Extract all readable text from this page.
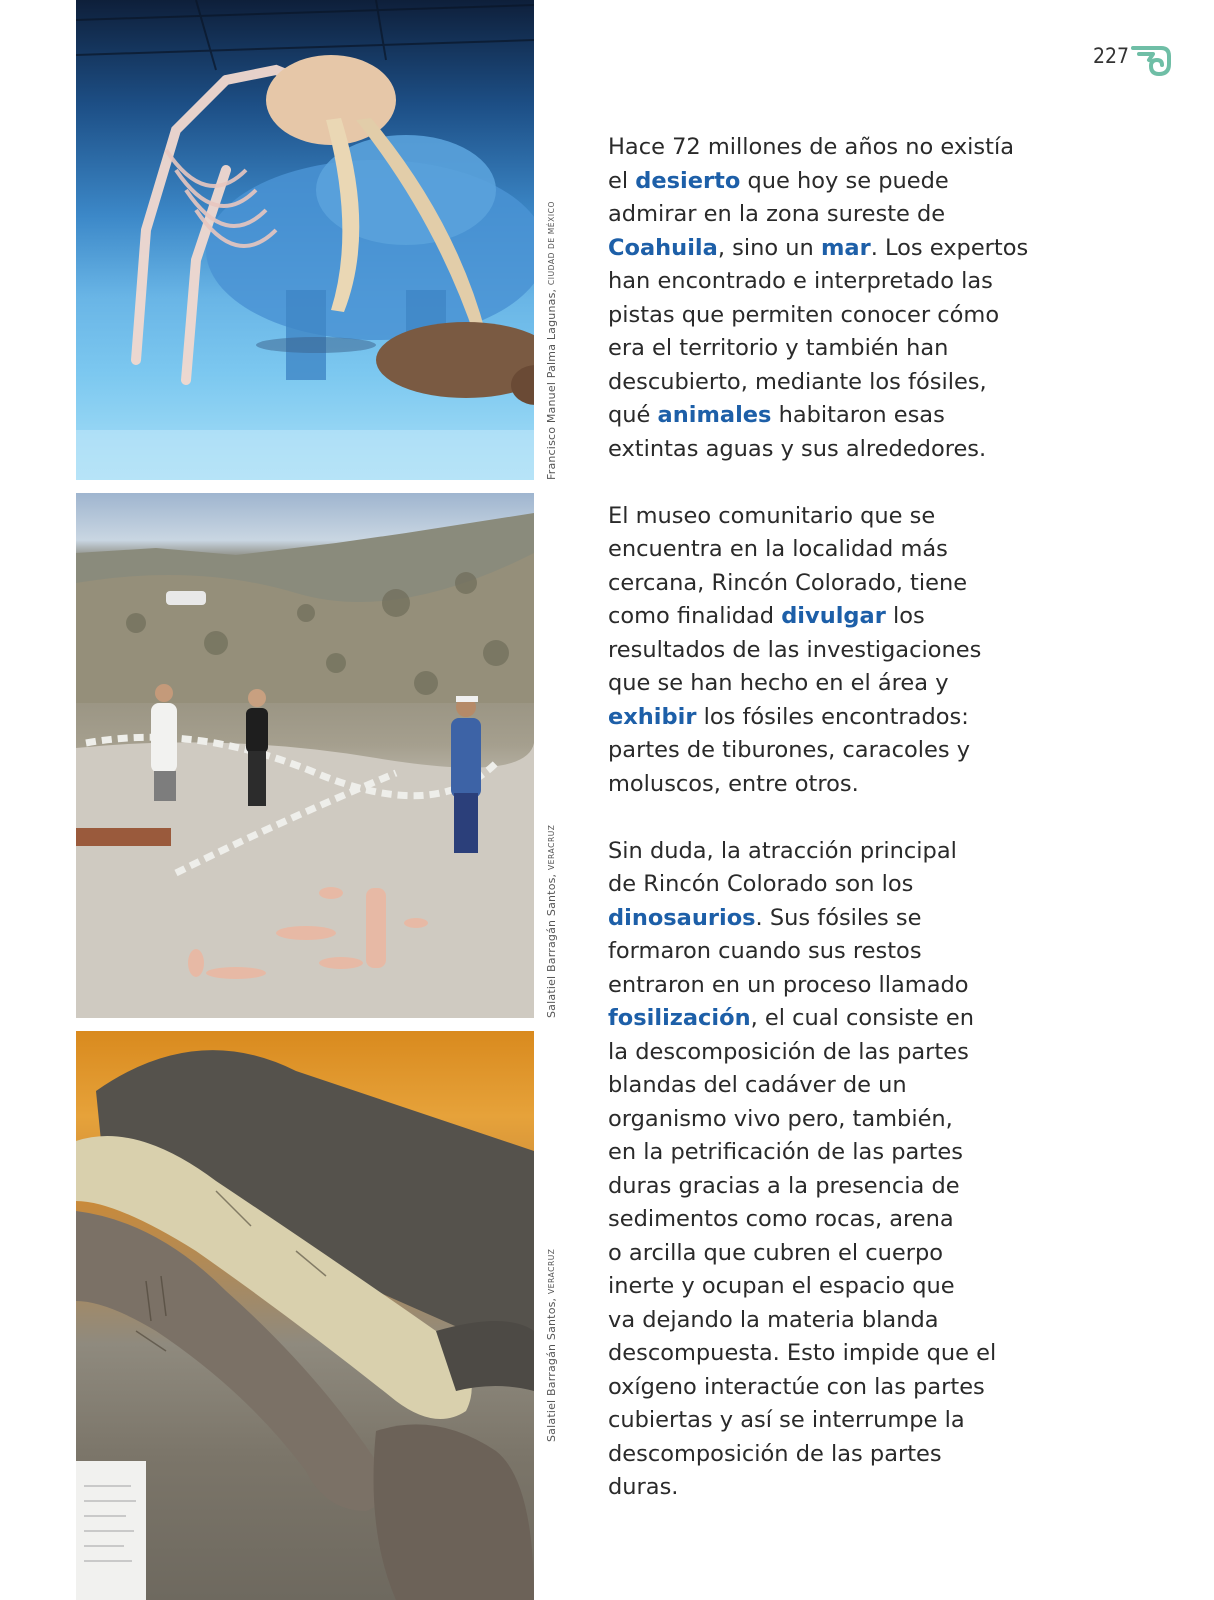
Francisco Manuel Palma Lagunas, CIUDAD DE MÉXICO
Salatiel Barragán Santos, VERACRUZ
Salatiel Barragán Santos, VERACRUZ
227
Hace 72 millones de años no existía
el desierto que hoy se puede
admirar en la zona sureste de
Coahuila, sino un mar. Los expertos
han encontrado e interpretado las
pistas que permiten conocer cómo
era el territorio y también han
descubierto, mediante los fósiles,
qué animales habitaron esas
extintas aguas y sus alrededores.
El museo comunitario que se
encuentra en la localidad más
cercana, Rincón Colorado, tiene
como finalidad divulgar los
resultados de las investigaciones
que se han hecho en el área y
exhibir los fósiles encontrados:
partes de tiburones, caracoles y
moluscos, entre otros.
Sin duda, la atracción principal
de Rincón Colorado son los
dinosaurios. Sus fósiles se
formaron cuando sus restos
entraron en un proceso llamado
fosilización, el cual consiste en
la descomposición de las partes
blandas del cadáver de un
organismo vivo pero, también,
en la petrificación de las partes
duras gracias a la presencia de
sedimentos como rocas, arena
o arcilla que cubren el cuerpo
inerte y ocupan el espacio que
va dejando la materia blanda
descompuesta. Esto impide que el
oxígeno interactúe con las partes
cubiertas y así se interrumpe la
descomposición de las partes
duras.
